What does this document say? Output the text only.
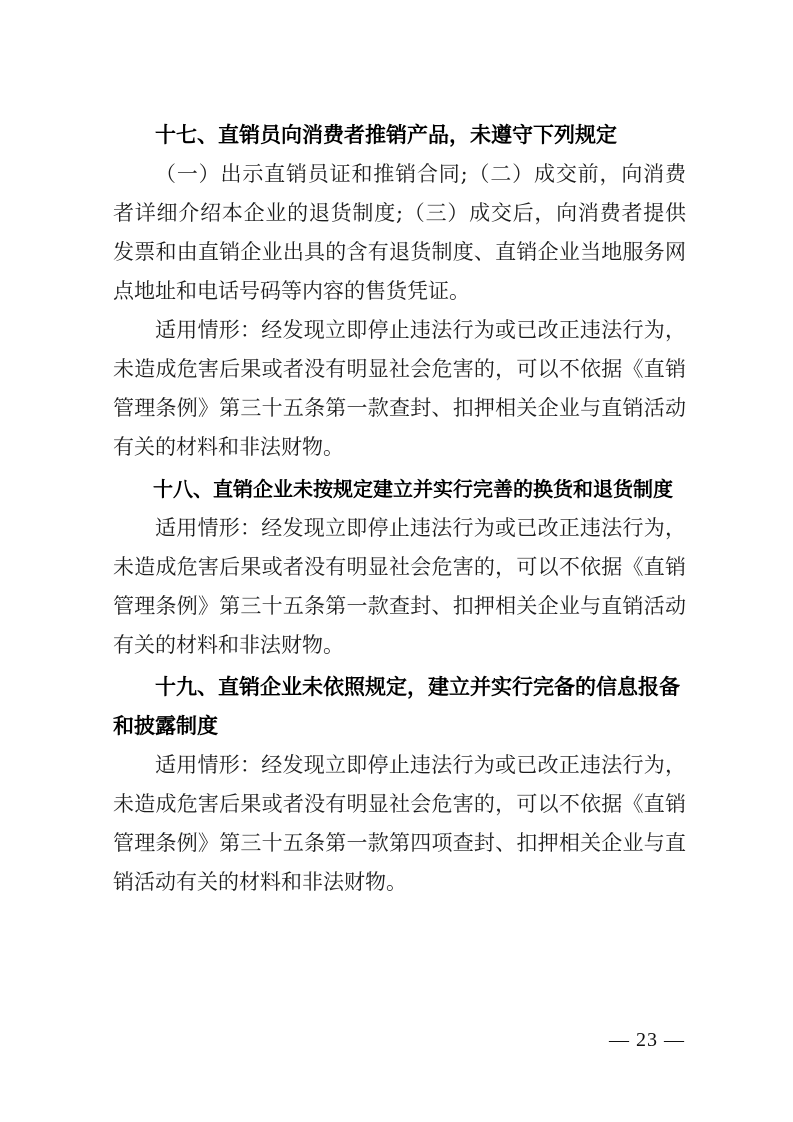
十七、直销员向消费者推销产品，未遵守下列规定

（一）出示直销员证和推销合同;（二）成交前，向消费者详细介绍本企业的退货制度;（三）成交后，向消费者提供发票和由直销企业出具的含有退货制度、直销企业当地服务网点地址和电话号码等内容的售货凭证。

适用情形：经发现立即停止违法行为或已改正违法行为，未造成危害后果或者没有明显社会危害的，可以不依据《直销管理条例》第三十五条第一款查封、扣押相关企业与直销活动有关的材料和非法财物。

十八、直销企业未按规定建立并实行完善的换货和退货制度

适用情形：经发现立即停止违法行为或已改正违法行为，未造成危害后果或者没有明显社会危害的，可以不依据《直销管理条例》第三十五条第一款查封、扣押相关企业与直销活动有关的材料和非法财物。

十九、直销企业未依照规定，建立并实行完备的信息报备和披露制度

适用情形：经发现立即停止违法行为或已改正违法行为，未造成危害后果或者没有明显社会危害的，可以不依据《直销管理条例》第三十五条第一款第四项查封、扣押相关企业与直销活动有关的材料和非法财物。

— 23 —
